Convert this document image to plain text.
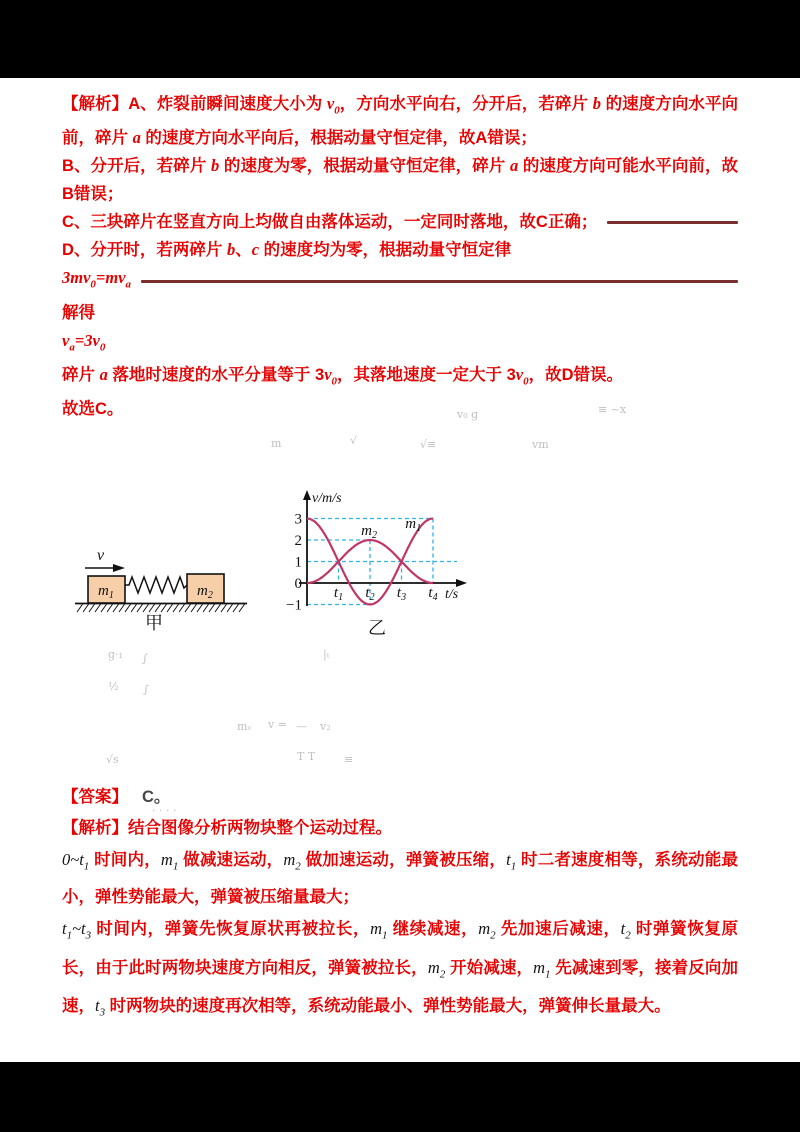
【解析】A、炸裂前瞬间速度大小为 $v_0$，方向水平向右，分开后，若碎片 b 的速度方向水平向前，碎片 a 的速度方向水平向后，根据动量守恒定律，故A错误；
B、分开后，若碎片 b 的速度为零，根据动量守恒定律，碎片 a 的速度方向可能水平向前，故B错误；
C、三块碎片在竖直方向上均做自由落体运动，一定同时落地，故C正确；
D、分开时，若两碎片 b、c 的速度均为零，根据动量守恒定律
$3mv_0=mv_a$
解得
$v_a=3v_0$
碎片 a 落地时速度的水平分量等于 $3v_0$，其落地速度一定大于 $3v_0$，故D错误。
故选C。
v
$m_1$	$m_2$
甲
v/m/s
t/s
3
2
1
0
−1
$t_1$ $t_2$ $t_3$ $t_4$
$m_2$
$m_1$
乙
【答案】 C。
【解析】结合图像分析两物块整个运动过程。
$0\sim t_1$ 时间内，$m_1$ 做减速运动，$m_2$ 做加速运动，弹簧被压缩，$t_1$ 时二者速度相等，系统动能最小，弹性势能最大，弹簧被压缩量最大；
$t_1\sim t_3$ 时间内，弹簧先恢复原状再被拉长，$m_1$ 继续减速，$m_2$ 先加速后减速，$t_2$ 时弹簧恢复原长，由于此时两物块速度方向相反，弹簧被拉长，$m_2$ 开始减速，$m_1$ 先减速到零，接着反向加速，$t_3$ 时两物块的速度再次相等，系统动能最小、弹性势能最大，弹簧伸长量最大。
≡ ~x
v₀ g
m	√	√≡	vm
g·₁ ∫	|ₜ
½ ∫
mᵥ v = — v₂
√s	T T	≡
· · · ·
